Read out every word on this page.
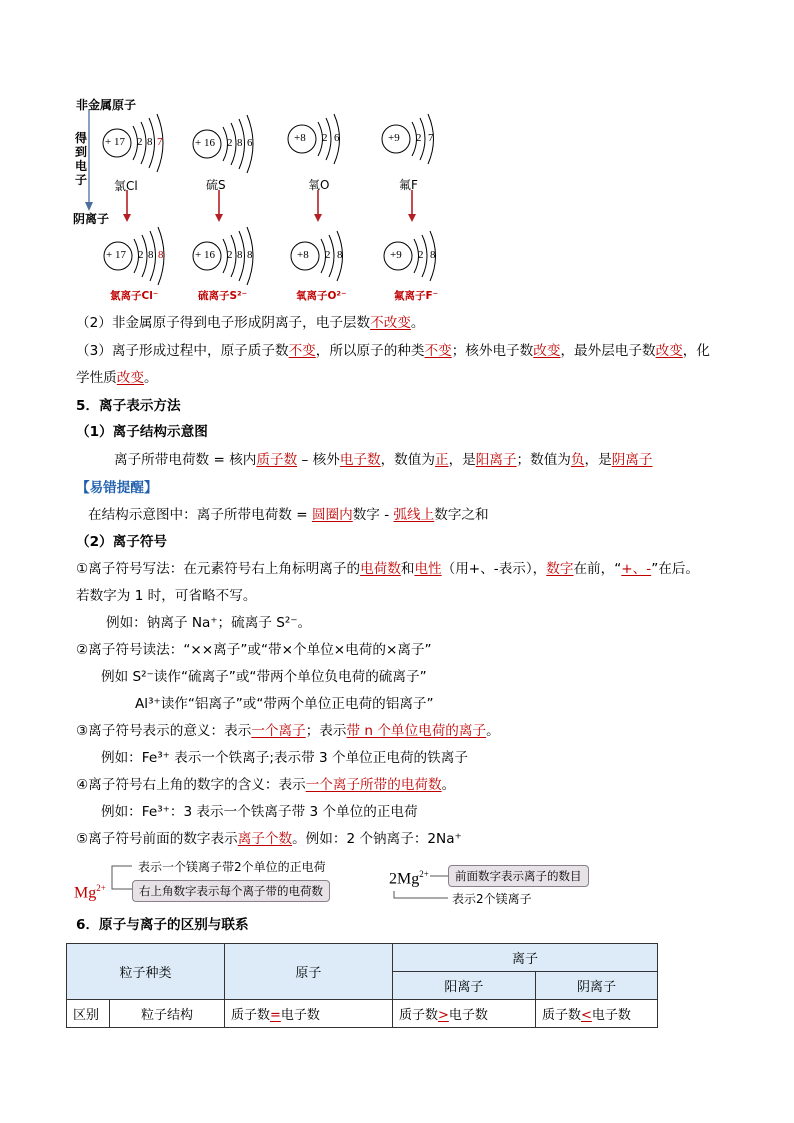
非金属原子
得
到
电
子
阴离子
+ 17 2 8 7	+ 16 2 8 6	+8 2 6	+9 2 7
+ 17 2 8 8	+ 16 2 8 8	+8 2 8	+9 2 8
氯Cl	硫S	氧O	氟F
氯离子Cl⁻	硫离子S²⁻	氧离子O²⁻	氟离子F⁻
（2）非金属原子得到电子形成阴离子，电子层数不改变。
（3）离子形成过程中，原子质子数不变，所以原子的种类不变；核外电子数改变，最外层电子数改变，化
学性质改变。
5．离子表示方法
（1）离子结构示意图
离子所带电荷数 = 核内质子数 – 核外电子数，数值为正，是阳离子；数值为负，是阴离子
【易错提醒】
在结构示意图中：离子所带电荷数 = 圆圈内数字 - 弧线上数字之和
（2）离子符号
①离子符号写法：在元素符号右上角标明离子的电荷数和电性（用+、-表示），数字在前，“+、-”在后。
若数字为 1 时，可省略不写。
例如：钠离子 Na⁺；硫离子 S²⁻。
②离子符号读法：“××离子”或“带×个单位×电荷的×离子”
例如 S²⁻读作“硫离子”或“带两个单位负电荷的硫离子”
Al³⁺读作“铝离子”或“带两个单位正电荷的铝离子”
③离子符号表示的意义：表示一个离子；表示带 n 个单位电荷的离子。
例如：Fe³⁺ 表示一个铁离子;表示带 3 个单位正电荷的铁离子
④离子符号右上角的数字的含义：表示一个离子所带的电荷数。
例如：Fe³⁺：3 表示一个铁离子带 3 个单位的正电荷
⑤离子符号前面的数字表示离子个数。例如：2 个钠离子：2Na⁺
$Mg^{2+}$
表示一个镁离子带2个单位的正电荷
右上角数字表示每个离子带的电荷数
$2Mg^{2+}$	前面数字表示离子的数目
表示2个镁离子
6．原子与离子的区别与联系
粒子种类		原子	离子	
			阳离子	阴离子
区别	粒子结构	质子数=电子数	质子数>电子数	质子数<电子数
